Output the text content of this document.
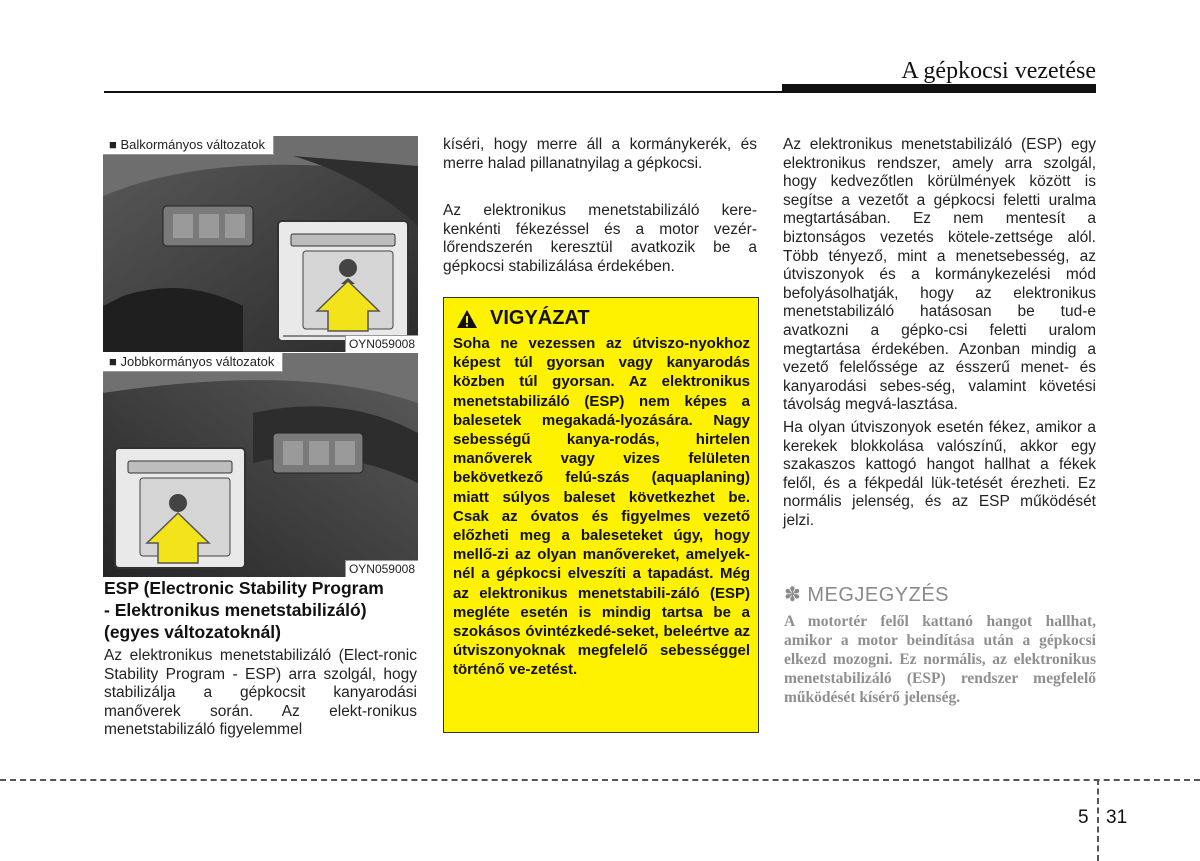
A gépkocsi vezetése
■ Balkormányos változatok
OYN059008
■ Jobbkormányos változatok
OYN059008
ESP (Electronic Stability Program
- Elektronikus menetstabilizáló)
(egyes változatoknál)

Az elektronikus menetstabilizáló (Elect-ronic Stability Program - ESP) arra szolgál, hogy stabilizálja a gépkocsit kanyarodási manőverek során. Az elekt-ronikus menetstabilizáló figyelemmel

kíséri, hogy merre áll a kormánykerék, és merre halad pillanatnyilag a gépkocsi.

Az elektronikus menetstabilizáló kere-kenkénti fékezéssel és a motor vezér-lőrendszerén keresztül avatkozik be a gépkocsi stabilizálása érdekében.

VIGYÁZAT
Soha ne vezessen az útviszo-nyokhoz képest túl gyorsan vagy kanyarodás közben túl gyorsan. Az elektronikus menetstabilizáló (ESP) nem képes a balesetek megakadá-lyozására. Nagy sebességű kanya-rodás, hirtelen manőverek vagy vizes felületen bekövetkező felú-szás (aquaplaning) miatt súlyos baleset következhet be. Csak az óvatos és figyelmes vezető előzheti meg a baleseteket úgy, hogy mellő-zi az olyan manővereket, amelyek-nél a gépkocsi elveszíti a tapadást. Még az elektronikus menetstabili-záló (ESP) megléte esetén is mindig tartsa be a szokásos óvintézkedé-seket, beleértve az útviszonyoknak megfelelő sebességgel történő ve-zetést.

Az elektronikus menetstabilizáló (ESP) egy elektronikus rendszer, amely arra szolgál, hogy kedvezőtlen körülmények között is segítse a vezetőt a gépkocsi feletti uralma megtartásában. Ez nem mentesít a biztonságos vezetés kötele-zettsége alól. Több tényező, mint a menetsebesség, az útviszonyok és a kormánykezelési mód befolyásolhatják, hogy az elektronikus menetstabilizáló hatásosan be tud-e avatkozni a gépko-csi feletti uralom megtartása érdekében. Azonban mindig a vezető felelőssége az ésszerű menet- és kanyarodási sebes-ség, valamint követési távolság megvá-lasztása.

Ha olyan útviszonyok esetén fékez, amikor a kerekek blokkolása valószínű, akkor egy szakaszos kattogó hangot hallhat a fékek felől, és a fékpedál lük-tetését érezheti. Ez normális jelenség, és az ESP működését jelzi.

✽ MEGJEGYZÉS
A motortér felől kattanó hangot hallhat, amikor a motor beindítása után a gépkocsi elkezd mozogni. Ez normális, az elektronikus menetstabilizáló (ESP) rendszer megfelelő működését kísérő jelenség.
5 31
